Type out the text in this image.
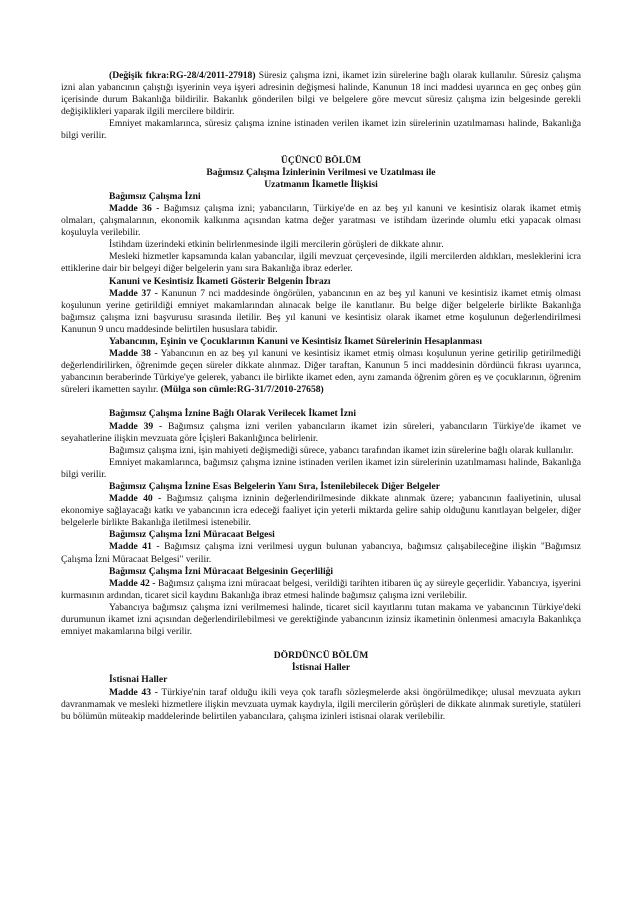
(Değişik fıkra:RG-28/4/2011-27918) Süresiz çalışma izni, ikamet izin sürelerine bağlı olarak kullanılır. Süresiz çalışma izni alan yabancının çalıştığı işyerinin veya işyeri adresinin değişmesi halinde, Kanunun 18 inci maddesi uyarınca en geç onbeş gün içerisinde durum Bakanlığa bildirilir. Bakanlık gönderilen bilgi ve belgelere göre mevcut süresiz çalışma izin belgesinde gerekli değişiklikleri yaparak ilgili mercilere bildirir.

Emniyet makamlarınca, süresiz çalışma iznine istinaden verilen ikamet izin sürelerinin uzatılmaması halinde, Bakanlığa bilgi verilir.

ÜÇÜNCÜ BÖLÜM

Bağımsız Çalışma İzinlerinin Verilmesi ve Uzatılması ile

Uzatmanın İkametle İlişkisi

Bağımsız Çalışma İzni

Madde 36 - Bağımsız çalışma izni; yabancıların, Türkiye'de en az beş yıl kanuni ve kesintisiz olarak ikamet etmiş olmaları, çalışmalarının, ekonomik kalkınma açısından katma değer yaratması ve istihdam üzerinde olumlu etki yapacak olması koşuluyla verilebilir.

İstihdam üzerindeki etkinin belirlenmesinde ilgili mercilerin görüşleri de dikkate alınır.

Mesleki hizmetler kapsamında kalan yabancılar, ilgili mevzuat çerçevesinde, ilgili mercilerden aldıkları, mesleklerini icra ettiklerine dair bir belgeyi diğer belgelerin yanı sıra Bakanlığa ibraz ederler.

Kanuni ve Kesintisiz İkameti Gösterir Belgenin İbrazı

Madde 37 - Kanunun 7 nci maddesinde öngörülen, yabancının en az beş yıl kanuni ve kesintisiz ikamet etmiş olması koşulunun yerine getirildiği emniyet makamlarından alınacak belge ile kanıtlanır. Bu belge diğer belgelerle birlikte Bakanlığa bağımsız çalışma izni başvurusu sırasında iletilir. Beş yıl kanuni ve kesintisiz olarak ikamet etme koşulunun değerlendirilmesi Kanunun 9 uncu maddesinde belirtilen hususlara tabidir.

Yabancının, Eşinin ve Çocuklarının Kanuni ve Kesintisiz İkamet Sürelerinin Hesaplanması

Madde 38 - Yabancının en az beş yıl kanuni ve kesintisiz ikamet etmiş olması koşulunun yerine getirilip getirilmediği değerlendirilirken, öğrenimde geçen süreler dikkate alınmaz. Diğer taraftan, Kanunun 5 inci maddesinin dördüncü fıkrası uyarınca, yabancının beraberinde Türkiye'ye gelerek, yabancı ile birlikte ikamet eden, aynı zamanda öğrenim gören eş ve çocuklarının, öğrenim süreleri ikametten sayılır. (Mülga son cümle:RG-31/7/2010-27658)

Bağımsız Çalışma İznine Bağlı Olarak Verilecek İkamet İzni

Madde 39 - Bağımsız çalışma izni verilen yabancıların ikamet izin süreleri, yabancıların Türkiye'de ikamet ve seyahatlerine ilişkin mevzuata göre İçişleri Bakanlığınca belirlenir.

Bağımsız çalışma izni, işin mahiyeti değişmediği sürece, yabancı tarafından ikamet izin sürelerine bağlı olarak kullanılır.

Emniyet makamlarınca, bağımsız çalışma iznine istinaden verilen ikamet izin sürelerinin uzatılmaması halinde, Bakanlığa bilgi verilir.

Bağımsız Çalışma İznine Esas Belgelerin Yanı Sıra, İstenilebilecek Diğer Belgeler

Madde 40 - Bağımsız çalışma izninin değerlendirilmesinde dikkate alınmak üzere; yabancının faaliyetinin, ulusal ekonomiye sağlayacağı katkı ve yabancının icra edeceği faaliyet için yeterli miktarda gelire sahip olduğunu kanıtlayan belgeler, diğer belgelerle birlikte Bakanlığa iletilmesi istenebilir.

Bağımsız Çalışma İzni Müracaat Belgesi

Madde 41 - Bağımsız çalışma izni verilmesi uygun bulunan yabancıya, bağımsız çalışabileceğine ilişkin "Bağımsız Çalışma İzni Müracaat Belgesi" verilir.

Bağımsız Çalışma İzni Müracaat Belgesinin Geçerliliği

Madde 42 - Bağımsız çalışma izni müracaat belgesi, verildiği tarihten itibaren üç ay süreyle geçerlidir. Yabancıya, işyerini kurmasının ardından, ticaret sicil kaydını Bakanlığa ibraz etmesi halinde bağımsız çalışma izni verilebilir.

Yabancıya bağımsız çalışma izni verilmemesi halinde, ticaret sicil kayıtlarını tutan makama ve yabancının Türkiye'deki durumunun ikamet izni açısından değerlendirilebilmesi ve gerektiğinde yabancının izinsiz ikametinin önlenmesi amacıyla Bakanlıkça emniyet makamlarına bilgi verilir.

DÖRDÜNCÜ BÖLÜM

İstisnai Haller

İstisnai Haller

Madde 43 - Türkiye'nin taraf olduğu ikili veya çok taraflı sözleşmelerde aksi öngörülmedikçe; ulusal mevzuata aykırı davranmamak ve mesleki hizmetlere ilişkin mevzuata uymak kaydıyla, ilgili mercilerin görüşleri de dikkate alınmak suretiyle, statüleri bu bölümün müteakip maddelerinde belirtilen yabancılara, çalışma izinleri istisnai olarak verilebilir.
